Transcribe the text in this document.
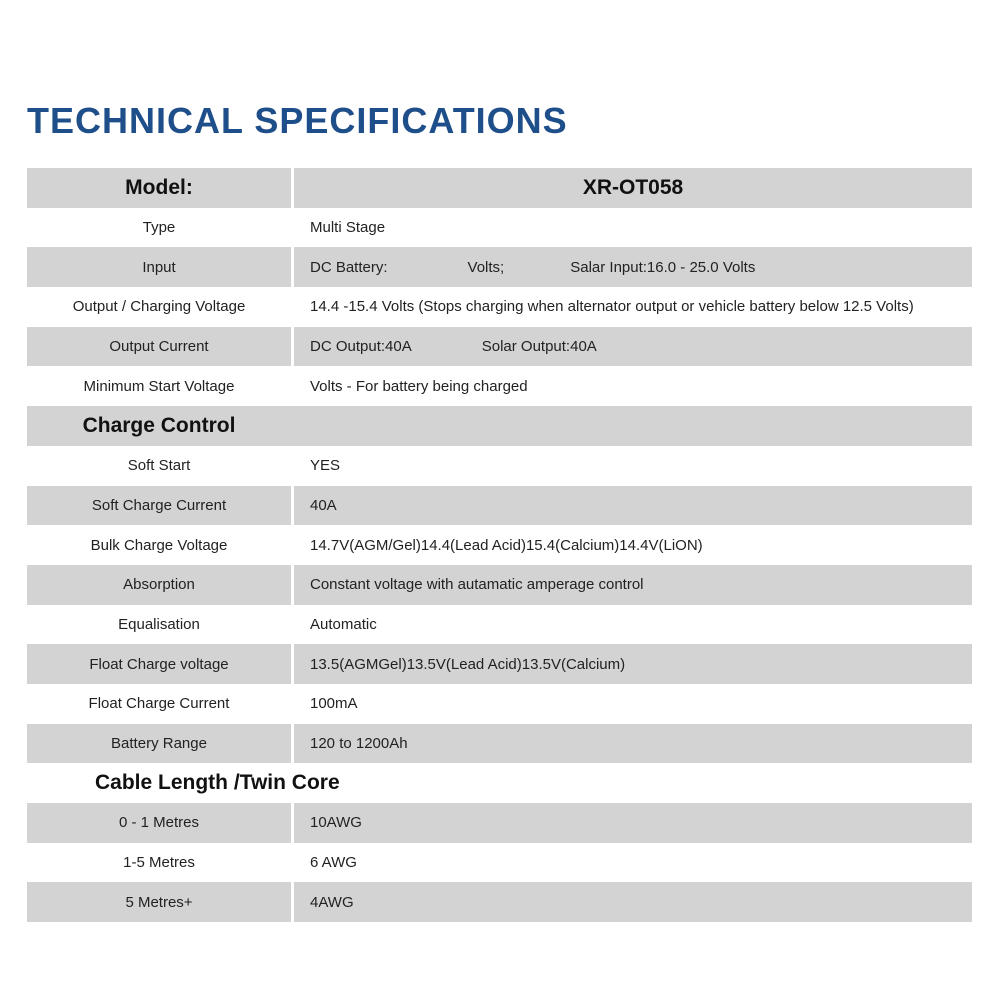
TECHNICAL SPECIFICATIONS
Model:	XR-OT058
Type	Multi Stage
Input	DC Battery:	Volts;	Salar Input:16.0 - 25.0 Volts
Output / Charging Voltage	14.4 -15.4 Volts (Stops charging when alternator output or vehicle battery below 12.5 Volts)
Output Current	DC Output:40A	Solar Output:40A
Minimum Start Voltage	Volts - For battery being charged
Charge Control
Soft Start	YES
Soft Charge Current	40A
Bulk Charge Voltage	14.7V(AGM/Gel)14.4(Lead Acid)15.4(Calcium)14.4V(LiON)
Absorption	Constant voltage with autamatic amperage control
Equalisation	Automatic
Float Charge voltage	13.5(AGMGel)13.5V(Lead Acid)13.5V(Calcium)
Float Charge Current	100mA
Battery Range	120 to 1200Ah
Cable Length /Twin Core
0 - 1 Metres	10AWG
1-5 Metres	6 AWG
5 Metres+	4AWG
